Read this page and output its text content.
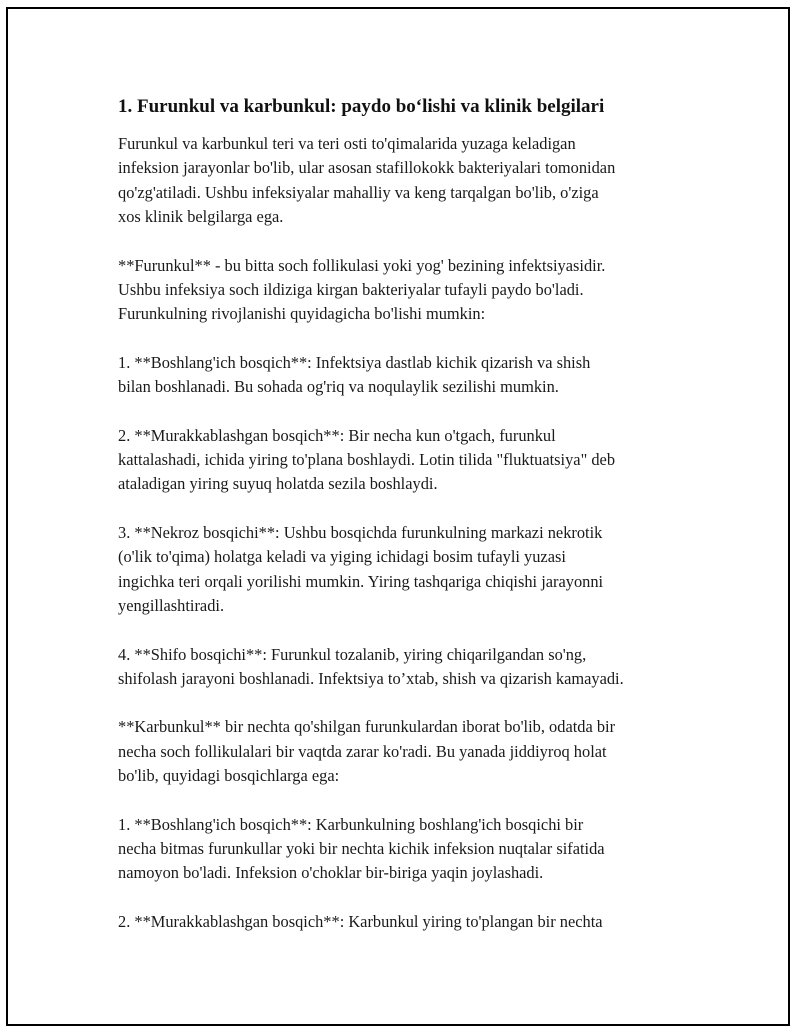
1. Furunkul va karbunkul: paydo bo‘lishi va klinik belgilari

Furunkul va karbunkul teri va teri osti to'qimalarida yuzaga keladigan
infeksion jarayonlar bo'lib, ular asosan stafillokokk bakteriyalari tomonidan
qo'zg'atiladi. Ushbu infeksiyalar mahalliy va keng tarqalgan bo'lib, o'ziga
xos klinik belgilarga ega.

**Furunkul** - bu bitta soch follikulasi yoki yog' bezining infektsiyasidir.
Ushbu infeksiya soch ildiziga kirgan bakteriyalar tufayli paydo bo'ladi.
Furunkulning rivojlanishi quyidagicha bo'lishi mumkin:

1. **Boshlang'ich bosqich**: Infektsiya dastlab kichik qizarish va shish
bilan boshlanadi. Bu sohada og'riq va noqulaylik sezilishi mumkin.

2. **Murakkablashgan bosqich**: Bir necha kun o'tgach, furunkul
kattalashadi, ichida yiring to'plana boshlaydi. Lotin tilida "fluktuatsiya" deb
ataladigan yiring suyuq holatda sezila boshlaydi.

3. **Nekroz bosqichi**: Ushbu bosqichda furunkulning markazi nekrotik
(o'lik to'qima) holatga keladi va yiging ichidagi bosim tufayli yuzasi
ingichka teri orqali yorilishi mumkin. Yiring tashqariga chiqishi jarayonni
yengillashtiradi.

4. **Shifo bosqichi**: Furunkul tozalanib, yiring chiqarilgandan so'ng,
shifolash jarayoni boshlanadi. Infektsiya to’xtab, shish va qizarish kamayadi.

**Karbunkul** bir nechta qo'shilgan furunkulardan iborat bo'lib, odatda bir
necha soch follikulalari bir vaqtda zarar ko'radi. Bu yanada jiddiyroq holat
bo'lib, quyidagi bosqichlarga ega:

1. **Boshlang'ich bosqich**: Karbunkulning boshlang'ich bosqichi bir
necha bitmas furunkullar yoki bir nechta kichik infeksion nuqtalar sifatida
namoyon bo'ladi. Infeksion o'choklar bir-biriga yaqin joylashadi.

2. **Murakkablashgan bosqich**: Karbunkul yiring to'plangan bir nechta
